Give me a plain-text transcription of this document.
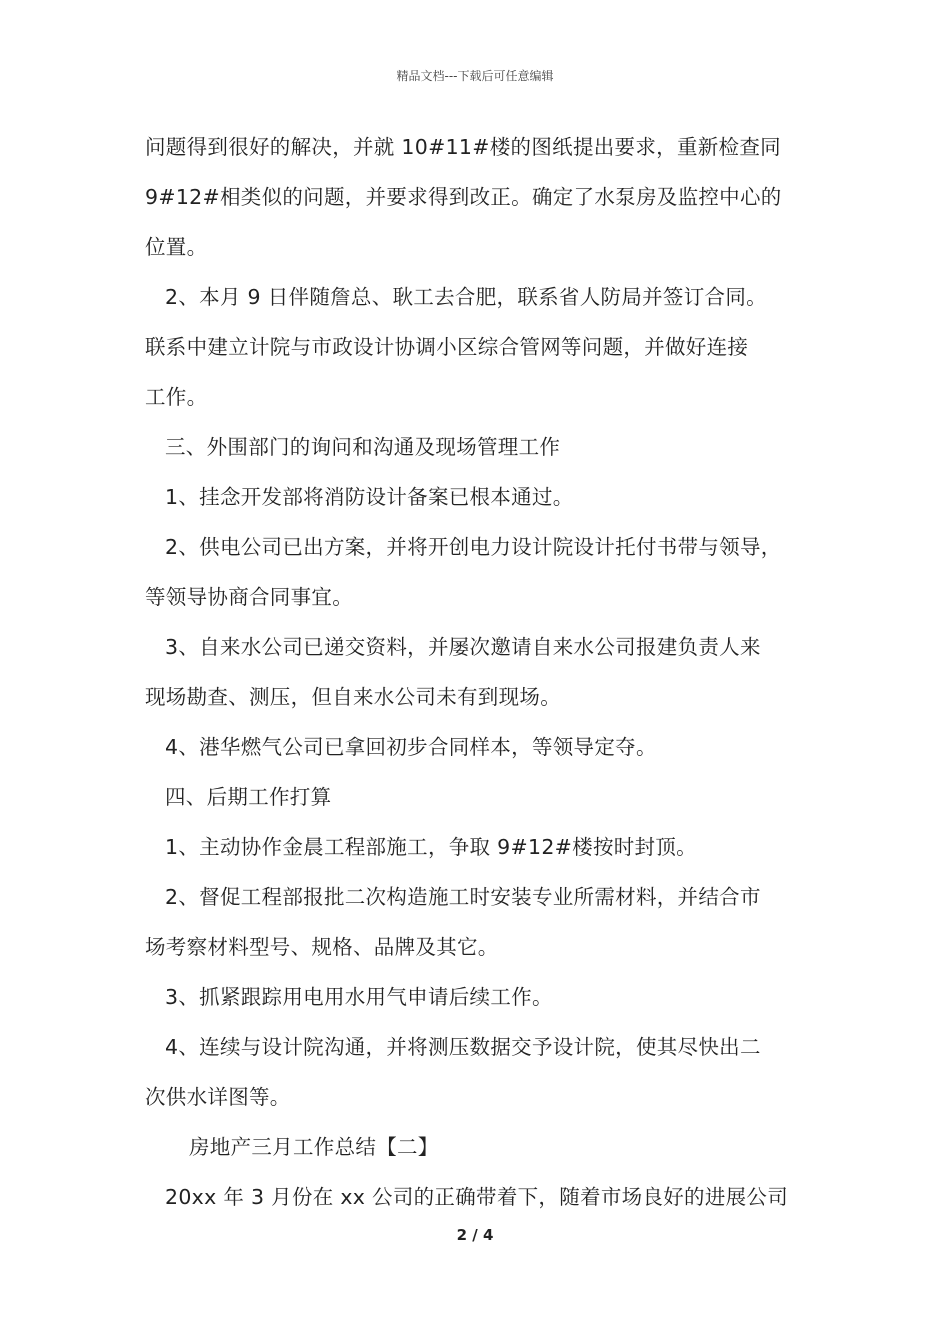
精品文档---下载后可任意编辑
问题得到很好的解决，并就 10#11#楼的图纸提出要求，重新检查同
9#12#相类似的问题，并要求得到改正。确定了水泵房及监控中心的
位置。
2、本月 9 日伴随詹总、耿工去合肥，联系省人防局并签订合同。
联系中建立计院与市政设计协调小区综合管网等问题，并做好连接
工作。
三、外围部门的询问和沟通及现场管理工作
1、挂念开发部将消防设计备案已根本通过。
2、供电公司已出方案，并将开创电力设计院设计托付书带与领导，
等领导协商合同事宜。
3、自来水公司已递交资料，并屡次邀请自来水公司报建负责人来
现场勘查、测压，但自来水公司未有到现场。
4、港华燃气公司已拿回初步合同样本，等领导定夺。
四、后期工作打算
1、主动协作金晨工程部施工，争取 9#12#楼按时封顶。
2、督促工程部报批二次构造施工时安装专业所需材料，并结合市
场考察材料型号、规格、品牌及其它。
3、抓紧跟踪用电用水用气申请后续工作。
4、连续与设计院沟通，并将测压数据交予设计院，使其尽快出二
次供水详图等。
房地产三月工作总结【二】
20xx 年 3 月份在 xx 公司的正确带着下，随着市场良好的进展公司
2 / 4
